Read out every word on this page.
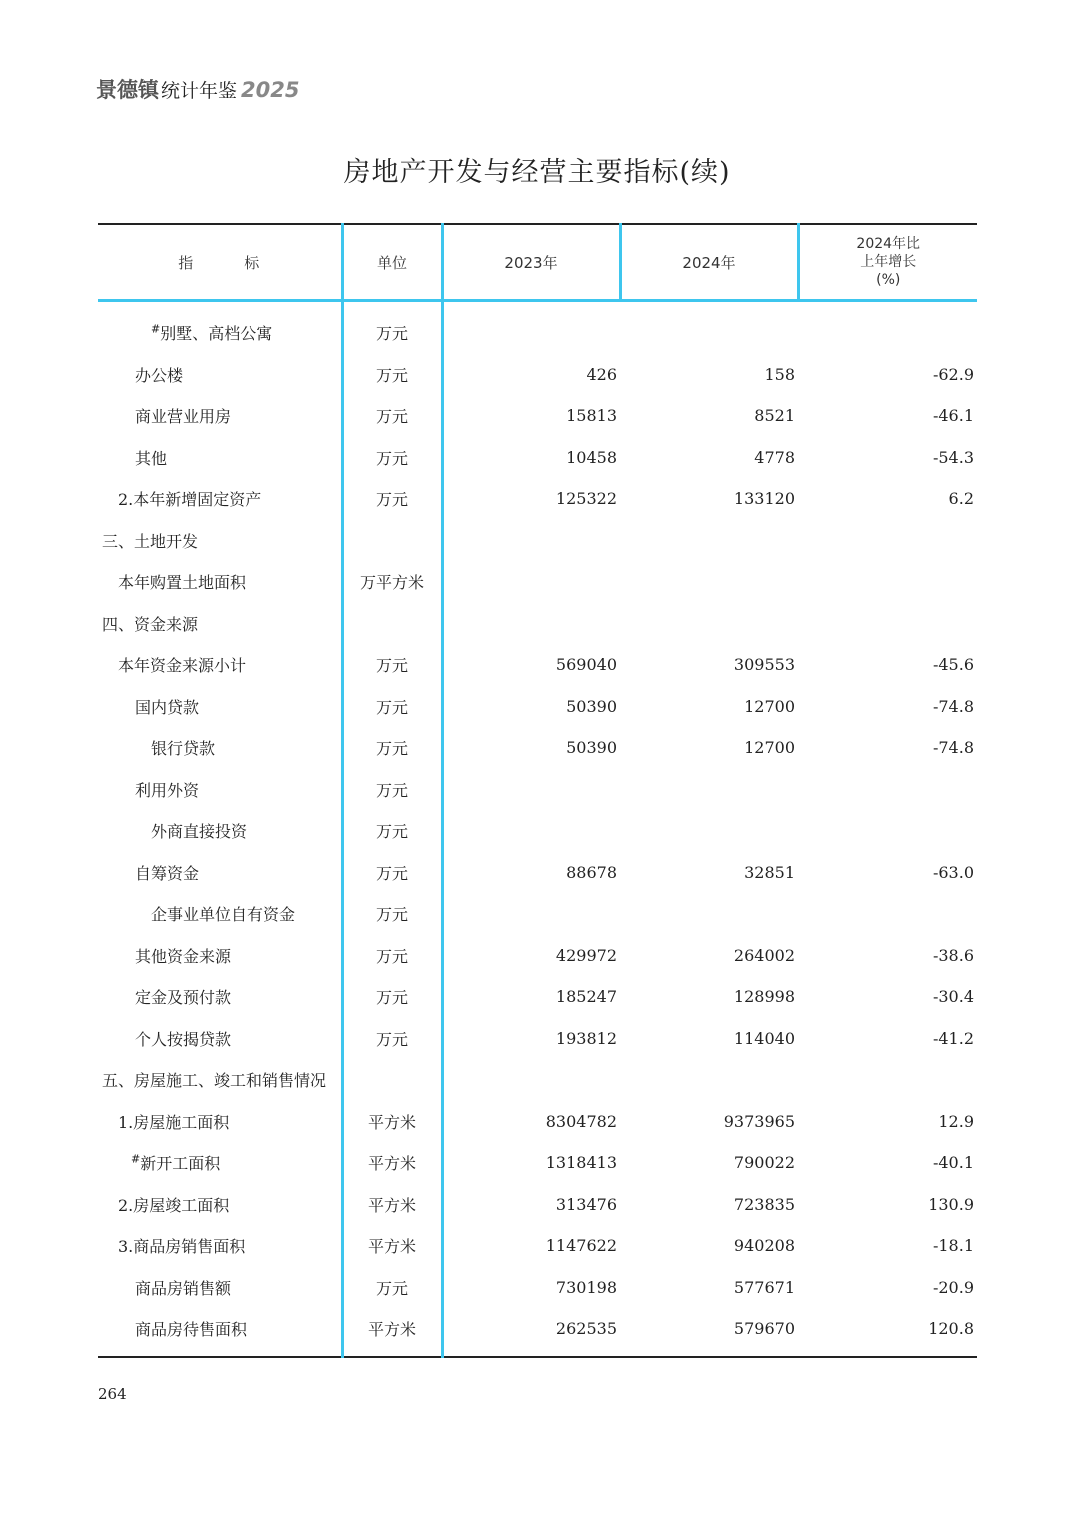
景德镇 统计年鉴 2025
房地产开发与经营主要指标(续)
指 标	单位	2023年	2024年	2024年比
上年增长
(%)

#别墅、高档公寓	万元			
办公楼	万元	426	158	-62.9
商业营业用房	万元	15813	8521	-46.1
其他	万元	10458	4778	-54.3
2.本年新增固定资产	万元	125322	133120	6.2
三、土地开发				
本年购置土地面积	万平方米			
四、资金来源				
本年资金来源小计	万元	569040	309553	-45.6
国内贷款	万元	50390	12700	-74.8
银行贷款	万元	50390	12700	-74.8
利用外资	万元			
外商直接投资	万元			
自筹资金	万元	88678	32851	-63.0
企事业单位自有资金	万元			
其他资金来源	万元	429972	264002	-38.6
定金及预付款	万元	185247	128998	-30.4
个人按揭贷款	万元	193812	114040	-41.2
五、房屋施工、竣工和销售情况				
1.房屋施工面积	平方米	8304782	9373965	12.9
#新开工面积	平方米	1318413	790022	-40.1
2.房屋竣工面积	平方米	313476	723835	130.9
3.商品房销售面积	平方米	1147622	940208	-18.1
商品房销售额	万元	730198	577671	-20.9
商品房待售面积	平方米	262535	579670	120.8
264
